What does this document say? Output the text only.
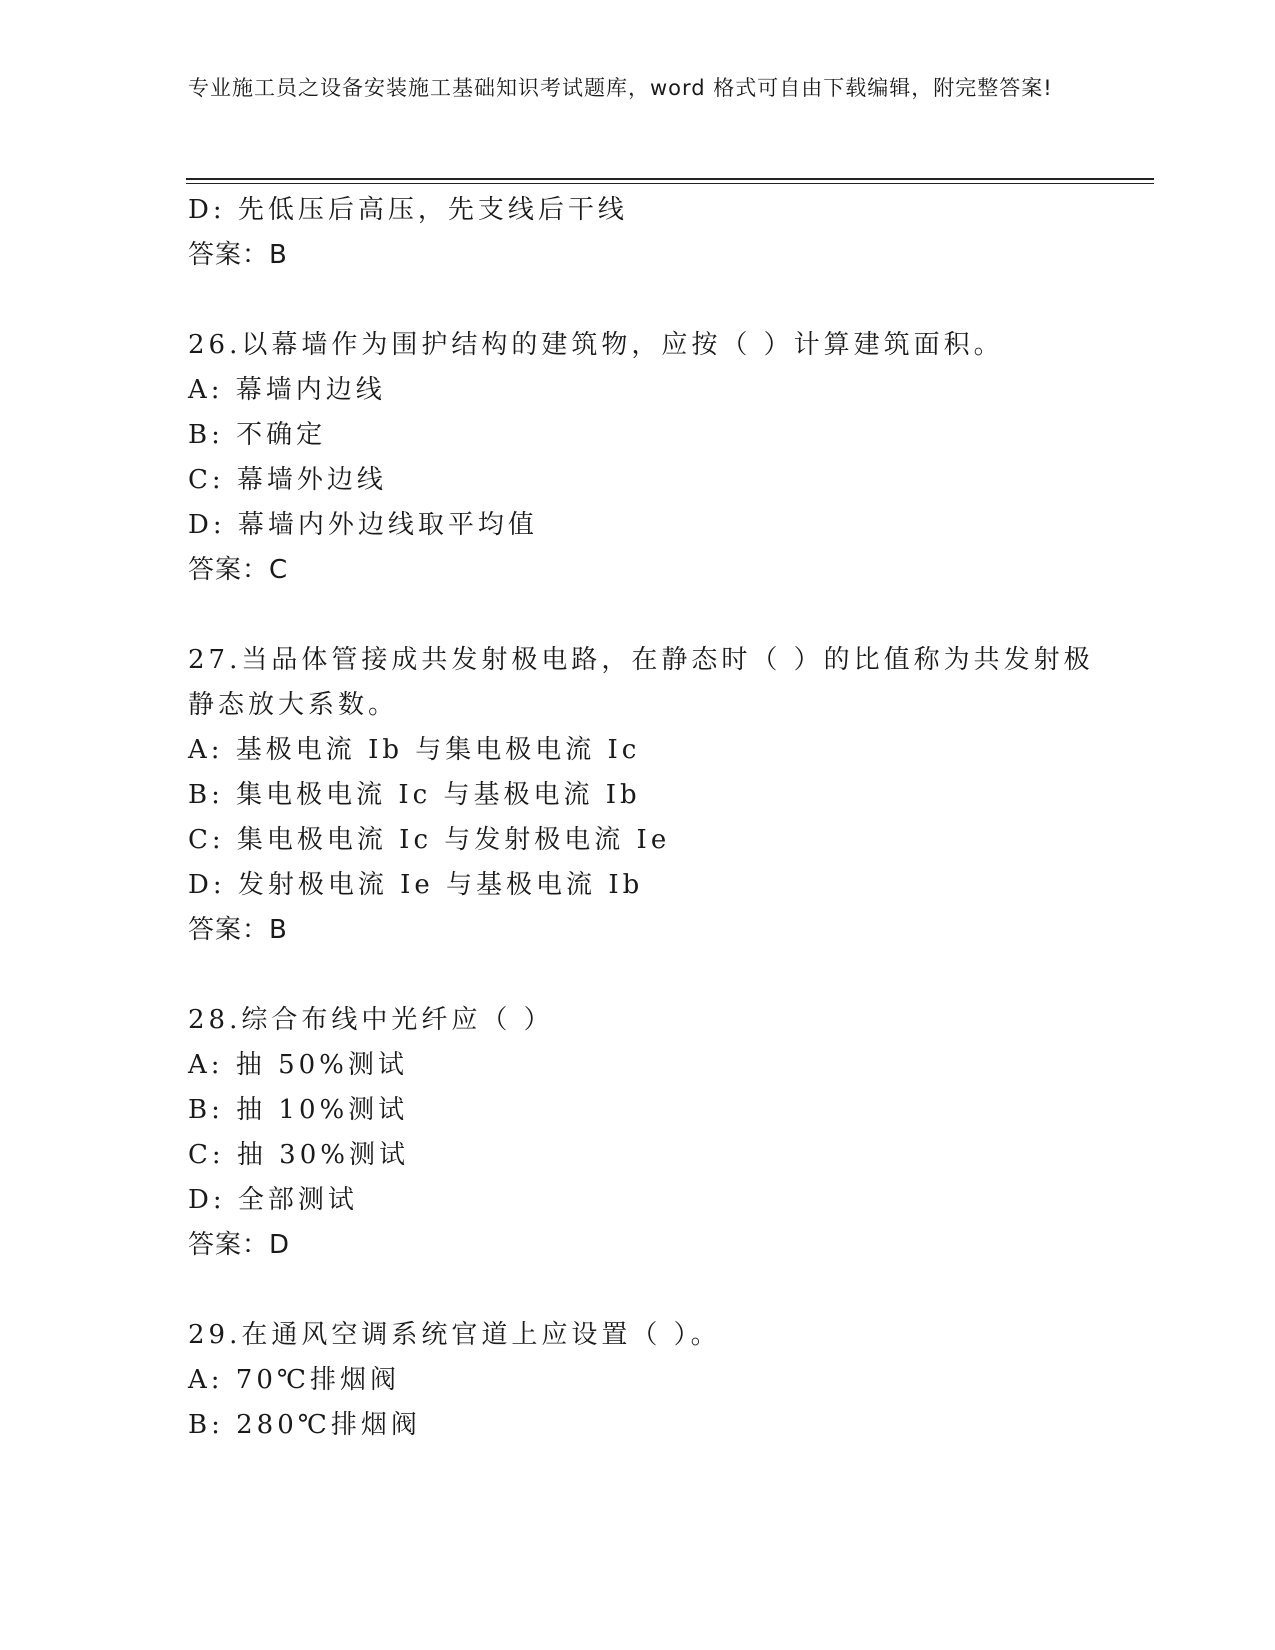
专业施工员之设备安装施工基础知识考试题库，word 格式可自由下载编辑，附完整答案!
D: 先低压后高压，先支线后干线
答案：B
26.以幕墙作为围护结构的建筑物，应按（ ）计算建筑面积。
A: 幕墙内边线
B: 不确定
C: 幕墙外边线
D: 幕墙内外边线取平均值
答案：C
27.当品体管接成共发射极电路，在静态时（ ）的比值称为共发射极
静态放大系数。
A: 基极电流 Ib 与集电极电流 Ic
B: 集电极电流 Ic 与基极电流 Ib
C: 集电极电流 Ic 与发射极电流 Ie
D: 发射极电流 Ie 与基极电流 Ib
答案：B
28.综合布线中光纤应（ ）
A: 抽 50%测试
B: 抽 10%测试
C: 抽 30%测试
D: 全部测试
答案：D
29.在通风空调系统官道上应设置（ ）。
A: 70℃排烟阀
B: 280℃排烟阀
